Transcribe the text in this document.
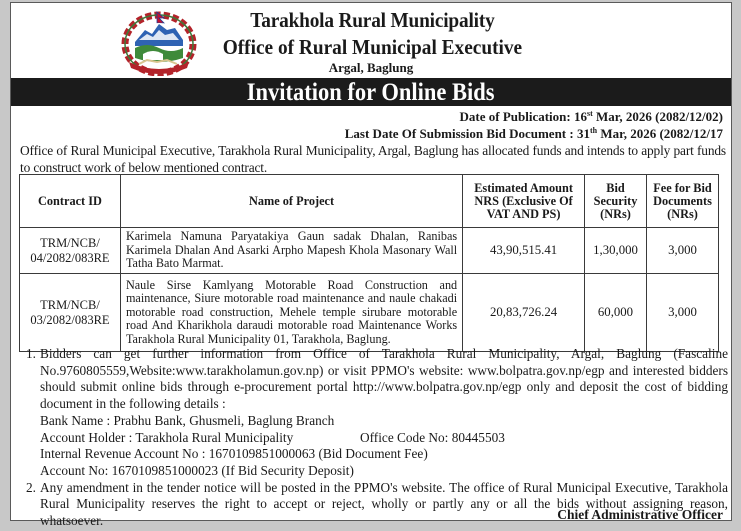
Tarakhola Rural Municipality
Office of Rural Municipal Executive
Argal, Baglung
Invitation for Online Bids
Date of Publication: 16st Mar, 2026 (2082/12/02)
Last Date Of Submission Bid Document : 31th Mar, 2026 (2082/12/17
Office of Rural Municipal Executive, Tarakhola Rural Municipality, Argal, Baglung has allocated funds and intends to apply part funds to construct work of below mentioned contract.
Contract ID	Name of Project	Estimated Amount NRS (Exclusive Of VAT AND PS)	Bid Security (NRs)	Fee for Bid Documents (NRs)
TRM/NCB/
04/2082/083RE	Karimela Namuna Paryatakiya Gaun sadak Dhalan, Ranibas Karimela Dhalan And Asarki Arpho Mapesh Khola Masonary Wall Tatha Bato Marmat.	43,90,515.41	1,30,000	3,000
TRM/NCB/
03/2082/083RE	Naule Sirse Kamlyang Motorable Road Construction and maintenance, Siure motorable road maintenance and naule chakadi motorable road construction, Mehele temple sirubare motorable road And Kharikhola daraudi motorable road Maintenance Works Tarakhola Rural Municipality 01, Tarakhola, Baglung.	20,83,726.24	60,000	3,000
1. Bidders can get further information from Office of Tarakhola Rural Municipality, Argal, Baglung (Fascaline No.9760805559,Website:www.tarakholamun.gov.np) or visit PPMO's website: www.bolpatra.gov.np/egp and interested bidders should submit online bids through e-procurement portal http://www.bolpatra.gov.np/egp only and deposit the cost of bidding document in the following details :
Bank Name : Prabhu Bank, Ghusmeli, Baglung Branch
Account Holder : Tarakhola Rural Municipality	Office Code No: 80445503
Internal Revenue Account No : 1670109851000063 (Bid Document Fee)
Account No: 1670109851000023 (If Bid Security Deposit)
2. Any amendment in the tender notice will be posted in the PPMO's website. The office of Rural Municipal Executive, Tarakhola Rural Municipality reserves the right to accept or reject, wholly or partly any or all the bids without assigning reason, whatsoever.	Chief Administrative Officer
